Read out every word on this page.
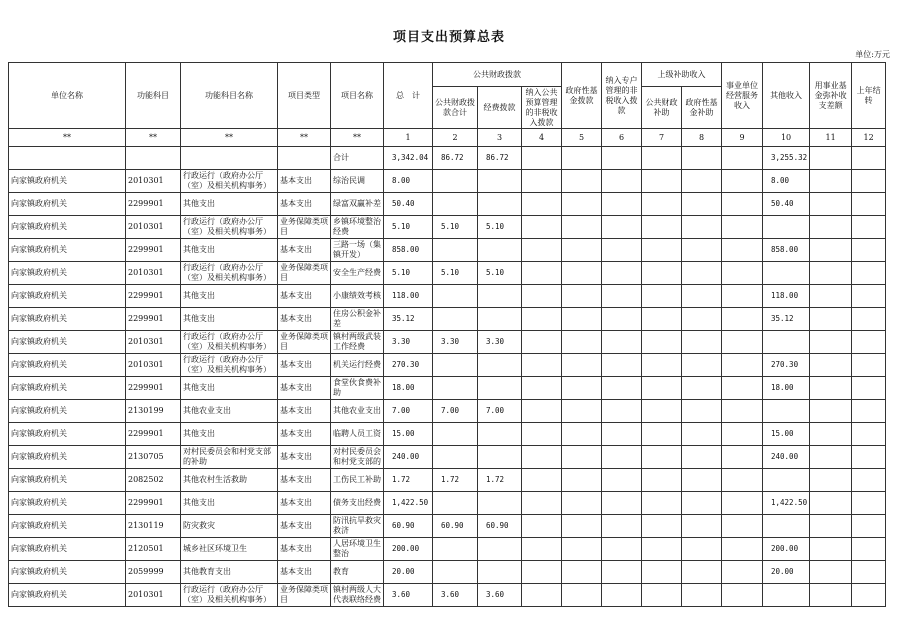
项目支出预算总表
单位:万元
单位名称	功能科目	功能科目名称	项目类型	项目名称	总　计	公共财政拨款			政府性基金拨款	纳入专户管理的非税收入拨款	上级补助收入		事业单位经营服务收入	其他收入	用事业基金弥补收支差额	上年结转
						公共财政拨款合计	经费拨款	纳入公共预算管理的非税收入拨款			公共财政补助	政府性基金补助				
**	**	**	**	**	1	2	3	4	5	6	7	8	9	10	11	12
				合计	3,342.04	86.72	86.72							3,255.32		
向家镇政府机关	2010301	行政运行（政府办公厅（室）及相关机构事务）	基本支出	综治民调	8.00									8.00		
向家镇政府机关	2299901	其他支出	基本支出	绿富双赢补差	50.40									50.40		
向家镇政府机关	2010301	行政运行（政府办公厅（室）及相关机构事务）	业务保障类项目	乡镇环境整治经费	5.10	5.10	5.10									
向家镇政府机关	2299901	其他支出	基本支出	三路一场（集镇开发）	858.00									858.00		
向家镇政府机关	2010301	行政运行（政府办公厅（室）及相关机构事务）	业务保障类项目	安全生产经费	5.10	5.10	5.10									
向家镇政府机关	2299901	其他支出	基本支出	小康绩效考核	118.00									118.00		
向家镇政府机关	2299901	其他支出	基本支出	住房公积金补差	35.12									35.12		
向家镇政府机关	2010301	行政运行（政府办公厅（室）及相关机构事务）	业务保障类项目	镇村两级武装工作经费	3.30	3.30	3.30									
向家镇政府机关	2010301	行政运行（政府办公厅（室）及相关机构事务）	基本支出	机关运行经费	270.30									270.30		
向家镇政府机关	2299901	其他支出	基本支出	食堂伙食费补助	18.00									18.00		
向家镇政府机关	2130199	其他农业支出	基本支出	其他农业支出	7.00	7.00	7.00									
向家镇政府机关	2299901	其他支出	基本支出	临聘人员工资	15.00									15.00		
向家镇政府机关	2130705	对村民委员会和村党支部的补助	基本支出	对村民委员会和村党支部的	240.00									240.00		
向家镇政府机关	2082502	其他农村生活救助	基本支出	工伤民工补助	1.72	1.72	1.72									
向家镇政府机关	2299901	其他支出	基本支出	债务支出经费	1,422.50									1,422.50		
向家镇政府机关	2130119	防灾救灾	基本支出	防汛抗旱救灾救济	60.90	60.90	60.90									
向家镇政府机关	2120501	城乡社区环境卫生	基本支出	人居环境卫生整治	200.00									200.00		
向家镇政府机关	2059999	其他教育支出	基本支出	教育	20.00									20.00		
向家镇政府机关	2010301	行政运行（政府办公厅（室）及相关机构事务）	业务保障类项目	镇村两级人大代表联络经费	3.60	3.60	3.60									
